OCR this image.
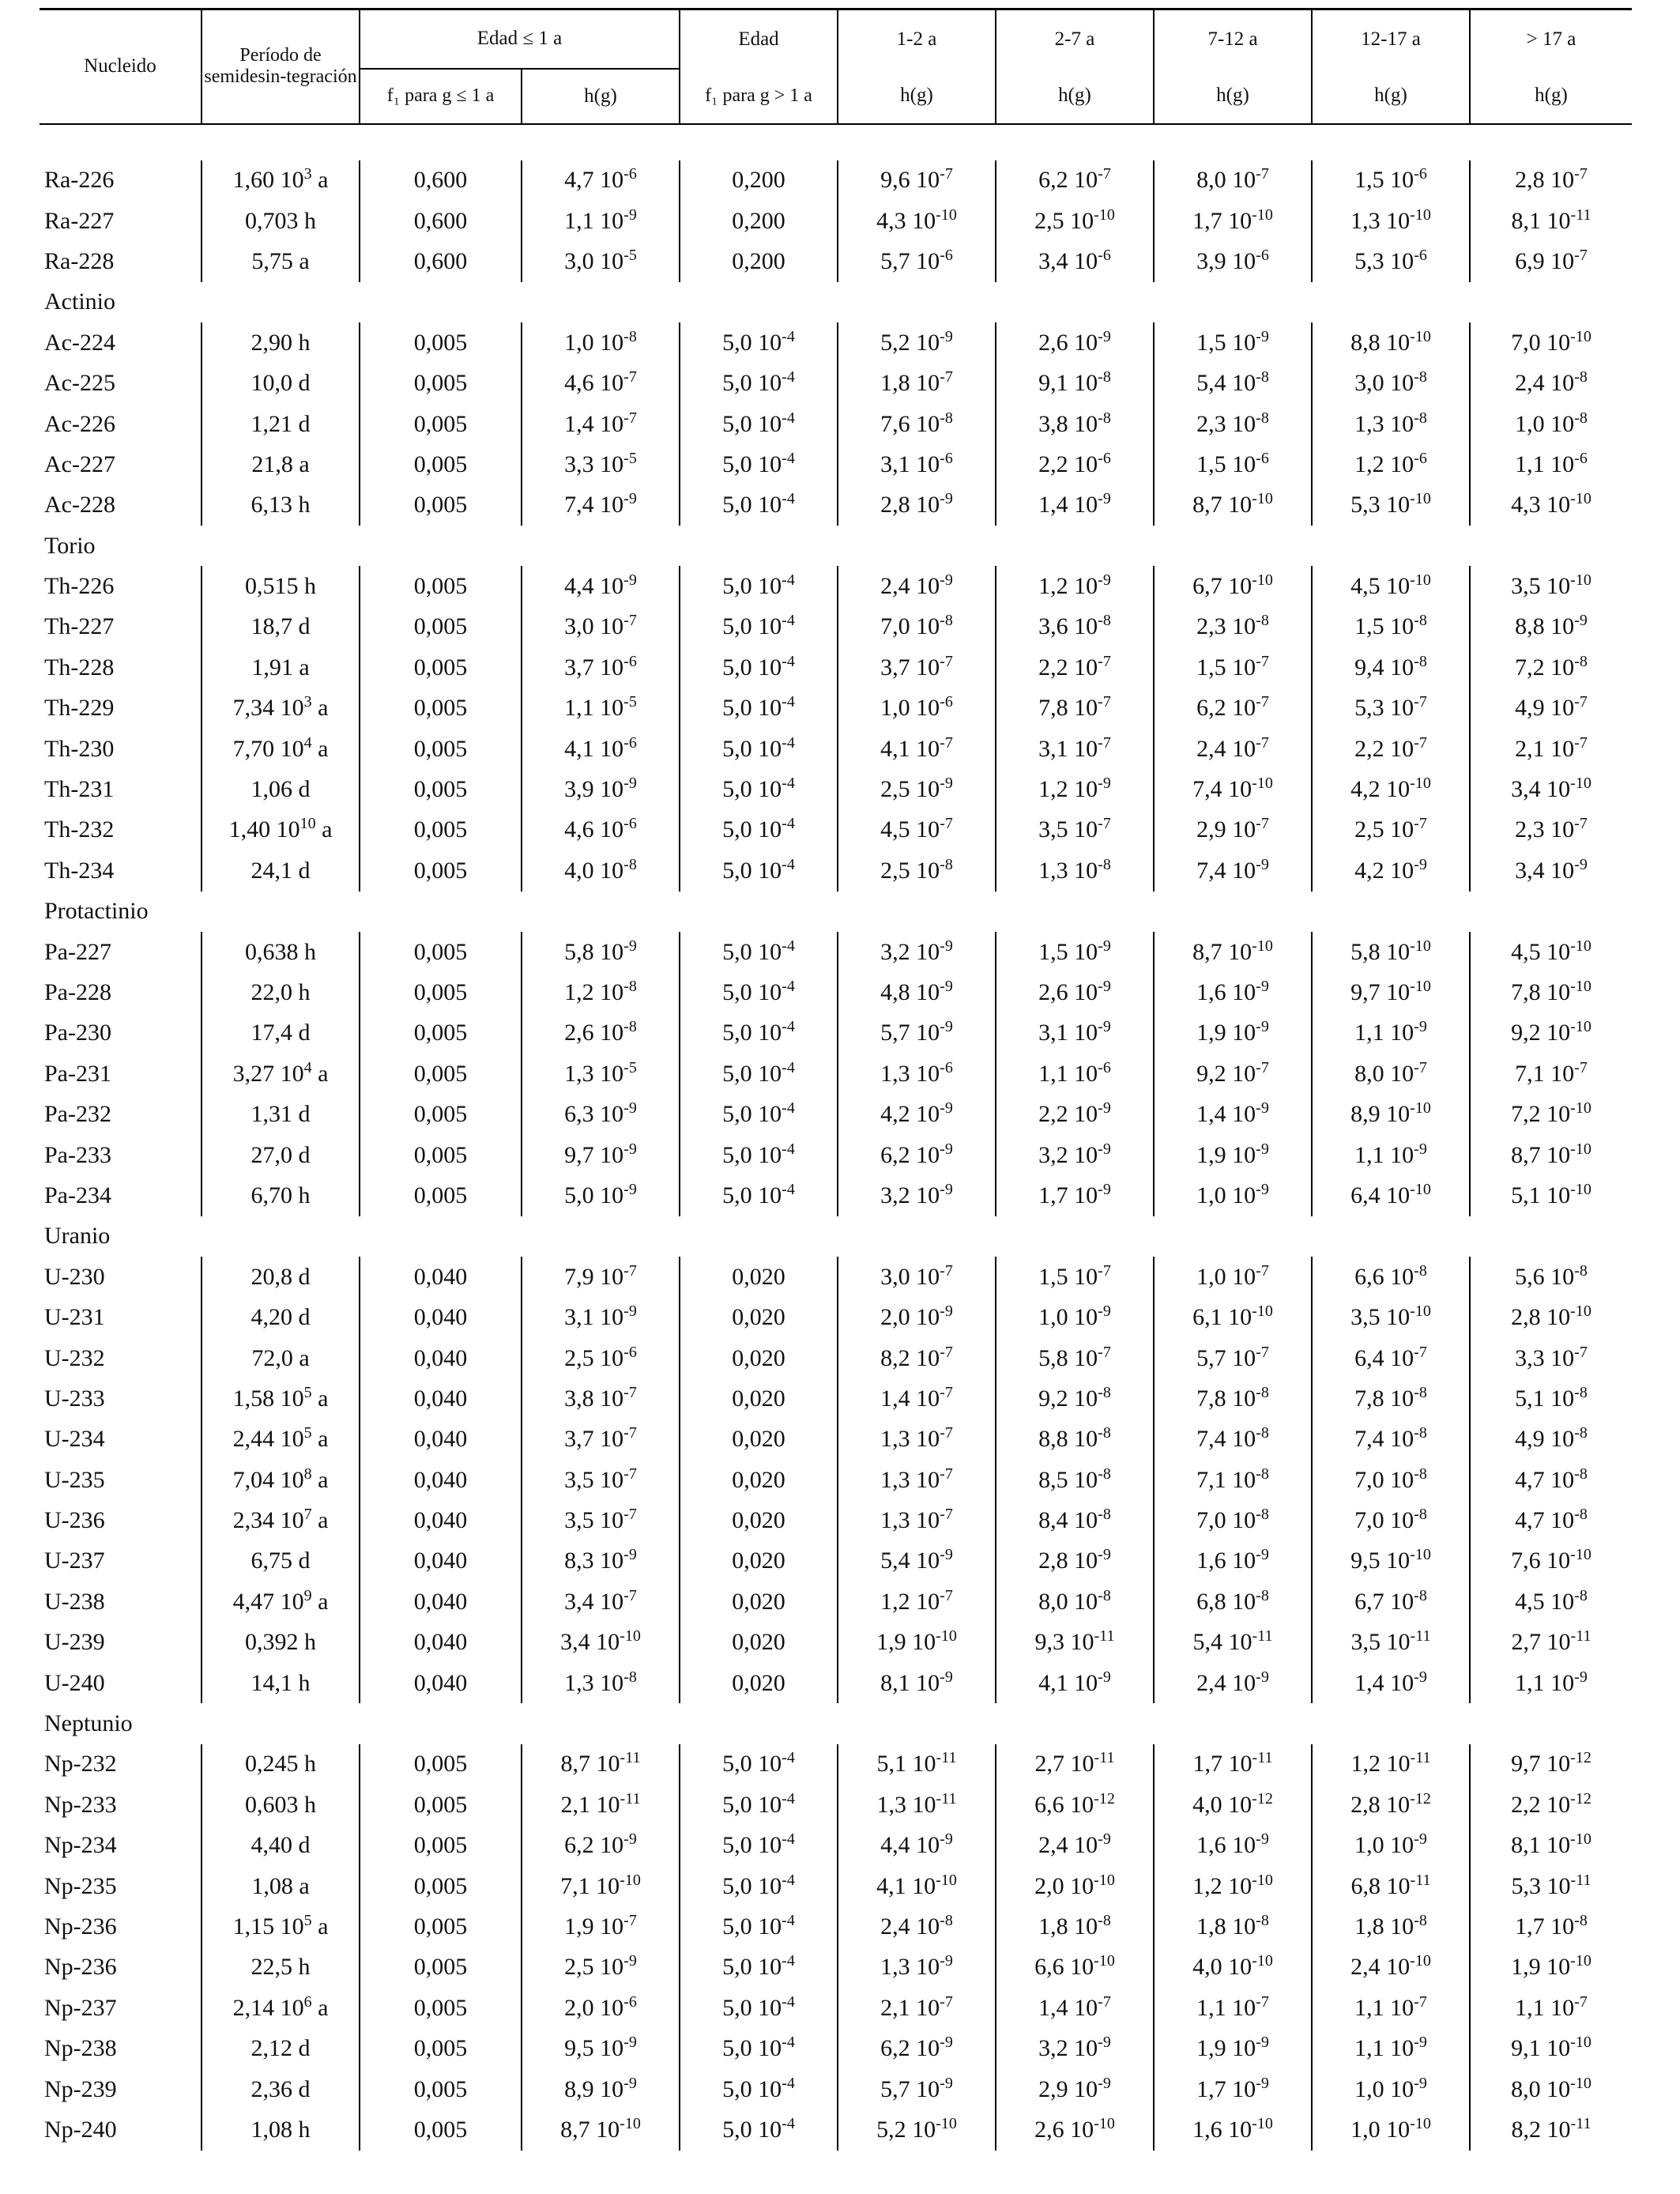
Nucleido	Período de semidesin-tegración	Edad ≤ 1 a		Edad	1-2 a	2-7 a	7-12 a	12-17 a	> 17 a
		f₁ para g ≤ 1 a	h(g)	f₁ para g > 1 a	h(g)	h(g)	h(g)	h(g)	h(g)

Ra-226	1,60 $10^3$ a	0,600	4,7 $10^{-6}$	0,200	9,6 $10^{-7}$	6,2 $10^{-7}$	8,0 $10^{-7}$	1,5 $10^{-6}$	2,8 $10^{-7}$
Ra-227	0,703 h	0,600	1,1 $10^{-9}$	0,200	4,3 $10^{-10}$	2,5 $10^{-10}$	1,7 $10^{-10}$	1,3 $10^{-10}$	8,1 $10^{-11}$
Ra-228	5,75 a	0,600	3,0 $10^{-5}$	0,200	5,7 $10^{-6}$	3,4 $10^{-6}$	3,9 $10^{-6}$	5,3 $10^{-6}$	6,9 $10^{-7}$
Actinio									
Ac-224	2,90 h	0,005	1,0 $10^{-8}$	5,0 $10^{-4}$	5,2 $10^{-9}$	2,6 $10^{-9}$	1,5 $10^{-9}$	8,8 $10^{-10}$	7,0 $10^{-10}$
Ac-225	10,0 d	0,005	4,6 $10^{-7}$	5,0 $10^{-4}$	1,8 $10^{-7}$	9,1 $10^{-8}$	5,4 $10^{-8}$	3,0 $10^{-8}$	2,4 $10^{-8}$
Ac-226	1,21 d	0,005	1,4 $10^{-7}$	5,0 $10^{-4}$	7,6 $10^{-8}$	3,8 $10^{-8}$	2,3 $10^{-8}$	1,3 $10^{-8}$	1,0 $10^{-8}$
Ac-227	21,8 a	0,005	3,3 $10^{-5}$	5,0 $10^{-4}$	3,1 $10^{-6}$	2,2 $10^{-6}$	1,5 $10^{-6}$	1,2 $10^{-6}$	1,1 $10^{-6}$
Ac-228	6,13 h	0,005	7,4 $10^{-9}$	5,0 $10^{-4}$	2,8 $10^{-9}$	1,4 $10^{-9}$	8,7 $10^{-10}$	5,3 $10^{-10}$	4,3 $10^{-10}$
Torio									
Th-226	0,515 h	0,005	4,4 $10^{-9}$	5,0 $10^{-4}$	2,4 $10^{-9}$	1,2 $10^{-9}$	6,7 $10^{-10}$	4,5 $10^{-10}$	3,5 $10^{-10}$
Th-227	18,7 d	0,005	3,0 $10^{-7}$	5,0 $10^{-4}$	7,0 $10^{-8}$	3,6 $10^{-8}$	2,3 $10^{-8}$	1,5 $10^{-8}$	8,8 $10^{-9}$
Th-228	1,91 a	0,005	3,7 $10^{-6}$	5,0 $10^{-4}$	3,7 $10^{-7}$	2,2 $10^{-7}$	1,5 $10^{-7}$	9,4 $10^{-8}$	7,2 $10^{-8}$
Th-229	7,34 $10^3$ a	0,005	1,1 $10^{-5}$	5,0 $10^{-4}$	1,0 $10^{-6}$	7,8 $10^{-7}$	6,2 $10^{-7}$	5,3 $10^{-7}$	4,9 $10^{-7}$
Th-230	7,70 $10^4$ a	0,005	4,1 $10^{-6}$	5,0 $10^{-4}$	4,1 $10^{-7}$	3,1 $10^{-7}$	2,4 $10^{-7}$	2,2 $10^{-7}$	2,1 $10^{-7}$
Th-231	1,06 d	0,005	3,9 $10^{-9}$	5,0 $10^{-4}$	2,5 $10^{-9}$	1,2 $10^{-9}$	7,4 $10^{-10}$	4,2 $10^{-10}$	3,4 $10^{-10}$
Th-232	1,40 $10^{10}$ a	0,005	4,6 $10^{-6}$	5,0 $10^{-4}$	4,5 $10^{-7}$	3,5 $10^{-7}$	2,9 $10^{-7}$	2,5 $10^{-7}$	2,3 $10^{-7}$
Th-234	24,1 d	0,005	4,0 $10^{-8}$	5,0 $10^{-4}$	2,5 $10^{-8}$	1,3 $10^{-8}$	7,4 $10^{-9}$	4,2 $10^{-9}$	3,4 $10^{-9}$
Protactinio									
Pa-227	0,638 h	0,005	5,8 $10^{-9}$	5,0 $10^{-4}$	3,2 $10^{-9}$	1,5 $10^{-9}$	8,7 $10^{-10}$	5,8 $10^{-10}$	4,5 $10^{-10}$
Pa-228	22,0 h	0,005	1,2 $10^{-8}$	5,0 $10^{-4}$	4,8 $10^{-9}$	2,6 $10^{-9}$	1,6 $10^{-9}$	9,7 $10^{-10}$	7,8 $10^{-10}$
Pa-230	17,4 d	0,005	2,6 $10^{-8}$	5,0 $10^{-4}$	5,7 $10^{-9}$	3,1 $10^{-9}$	1,9 $10^{-9}$	1,1 $10^{-9}$	9,2 $10^{-10}$
Pa-231	3,27 $10^4$ a	0,005	1,3 $10^{-5}$	5,0 $10^{-4}$	1,3 $10^{-6}$	1,1 $10^{-6}$	9,2 $10^{-7}$	8,0 $10^{-7}$	7,1 $10^{-7}$
Pa-232	1,31 d	0,005	6,3 $10^{-9}$	5,0 $10^{-4}$	4,2 $10^{-9}$	2,2 $10^{-9}$	1,4 $10^{-9}$	8,9 $10^{-10}$	7,2 $10^{-10}$
Pa-233	27,0 d	0,005	9,7 $10^{-9}$	5,0 $10^{-4}$	6,2 $10^{-9}$	3,2 $10^{-9}$	1,9 $10^{-9}$	1,1 $10^{-9}$	8,7 $10^{-10}$
Pa-234	6,70 h	0,005	5,0 $10^{-9}$	5,0 $10^{-4}$	3,2 $10^{-9}$	1,7 $10^{-9}$	1,0 $10^{-9}$	6,4 $10^{-10}$	5,1 $10^{-10}$
Uranio									
U-230	20,8 d	0,040	7,9 $10^{-7}$	0,020	3,0 $10^{-7}$	1,5 $10^{-7}$	1,0 $10^{-7}$	6,6 $10^{-8}$	5,6 $10^{-8}$
U-231	4,20 d	0,040	3,1 $10^{-9}$	0,020	2,0 $10^{-9}$	1,0 $10^{-9}$	6,1 $10^{-10}$	3,5 $10^{-10}$	2,8 $10^{-10}$
U-232	72,0 a	0,040	2,5 $10^{-6}$	0,020	8,2 $10^{-7}$	5,8 $10^{-7}$	5,7 $10^{-7}$	6,4 $10^{-7}$	3,3 $10^{-7}$
U-233	1,58 $10^5$ a	0,040	3,8 $10^{-7}$	0,020	1,4 $10^{-7}$	9,2 $10^{-8}$	7,8 $10^{-8}$	7,8 $10^{-8}$	5,1 $10^{-8}$
U-234	2,44 $10^5$ a	0,040	3,7 $10^{-7}$	0,020	1,3 $10^{-7}$	8,8 $10^{-8}$	7,4 $10^{-8}$	7,4 $10^{-8}$	4,9 $10^{-8}$
U-235	7,04 $10^8$ a	0,040	3,5 $10^{-7}$	0,020	1,3 $10^{-7}$	8,5 $10^{-8}$	7,1 $10^{-8}$	7,0 $10^{-8}$	4,7 $10^{-8}$
U-236	2,34 $10^7$ a	0,040	3,5 $10^{-7}$	0,020	1,3 $10^{-7}$	8,4 $10^{-8}$	7,0 $10^{-8}$	7,0 $10^{-8}$	4,7 $10^{-8}$
U-237	6,75 d	0,040	8,3 $10^{-9}$	0,020	5,4 $10^{-9}$	2,8 $10^{-9}$	1,6 $10^{-9}$	9,5 $10^{-10}$	7,6 $10^{-10}$
U-238	4,47 $10^9$ a	0,040	3,4 $10^{-7}$	0,020	1,2 $10^{-7}$	8,0 $10^{-8}$	6,8 $10^{-8}$	6,7 $10^{-8}$	4,5 $10^{-8}$
U-239	0,392 h	0,040	3,4 $10^{-10}$	0,020	1,9 $10^{-10}$	9,3 $10^{-11}$	5,4 $10^{-11}$	3,5 $10^{-11}$	2,7 $10^{-11}$
U-240	14,1 h	0,040	1,3 $10^{-8}$	0,020	8,1 $10^{-9}$	4,1 $10^{-9}$	2,4 $10^{-9}$	1,4 $10^{-9}$	1,1 $10^{-9}$
Neptunio									
Np-232	0,245 h	0,005	8,7 $10^{-11}$	5,0 $10^{-4}$	5,1 $10^{-11}$	2,7 $10^{-11}$	1,7 $10^{-11}$	1,2 $10^{-11}$	9,7 $10^{-12}$
Np-233	0,603 h	0,005	2,1 $10^{-11}$	5,0 $10^{-4}$	1,3 $10^{-11}$	6,6 $10^{-12}$	4,0 $10^{-12}$	2,8 $10^{-12}$	2,2 $10^{-12}$
Np-234	4,40 d	0,005	6,2 $10^{-9}$	5,0 $10^{-4}$	4,4 $10^{-9}$	2,4 $10^{-9}$	1,6 $10^{-9}$	1,0 $10^{-9}$	8,1 $10^{-10}$
Np-235	1,08 a	0,005	7,1 $10^{-10}$	5,0 $10^{-4}$	4,1 $10^{-10}$	2,0 $10^{-10}$	1,2 $10^{-10}$	6,8 $10^{-11}$	5,3 $10^{-11}$
Np-236	1,15 $10^5$ a	0,005	1,9 $10^{-7}$	5,0 $10^{-4}$	2,4 $10^{-8}$	1,8 $10^{-8}$	1,8 $10^{-8}$	1,8 $10^{-8}$	1,7 $10^{-8}$
Np-236	22,5 h	0,005	2,5 $10^{-9}$	5,0 $10^{-4}$	1,3 $10^{-9}$	6,6 $10^{-10}$	4,0 $10^{-10}$	2,4 $10^{-10}$	1,9 $10^{-10}$
Np-237	2,14 $10^6$ a	0,005	2,0 $10^{-6}$	5,0 $10^{-4}$	2,1 $10^{-7}$	1,4 $10^{-7}$	1,1 $10^{-7}$	1,1 $10^{-7}$	1,1 $10^{-7}$
Np-238	2,12 d	0,005	9,5 $10^{-9}$	5,0 $10^{-4}$	6,2 $10^{-9}$	3,2 $10^{-9}$	1,9 $10^{-9}$	1,1 $10^{-9}$	9,1 $10^{-10}$
Np-239	2,36 d	0,005	8,9 $10^{-9}$	5,0 $10^{-4}$	5,7 $10^{-9}$	2,9 $10^{-9}$	1,7 $10^{-9}$	1,0 $10^{-9}$	8,0 $10^{-10}$
Np-240	1,08 h	0,005	8,7 $10^{-10}$	5,0 $10^{-4}$	5,2 $10^{-10}$	2,6 $10^{-10}$	1,6 $10^{-10}$	1,0 $10^{-10}$	8,2 $10^{-11}$
